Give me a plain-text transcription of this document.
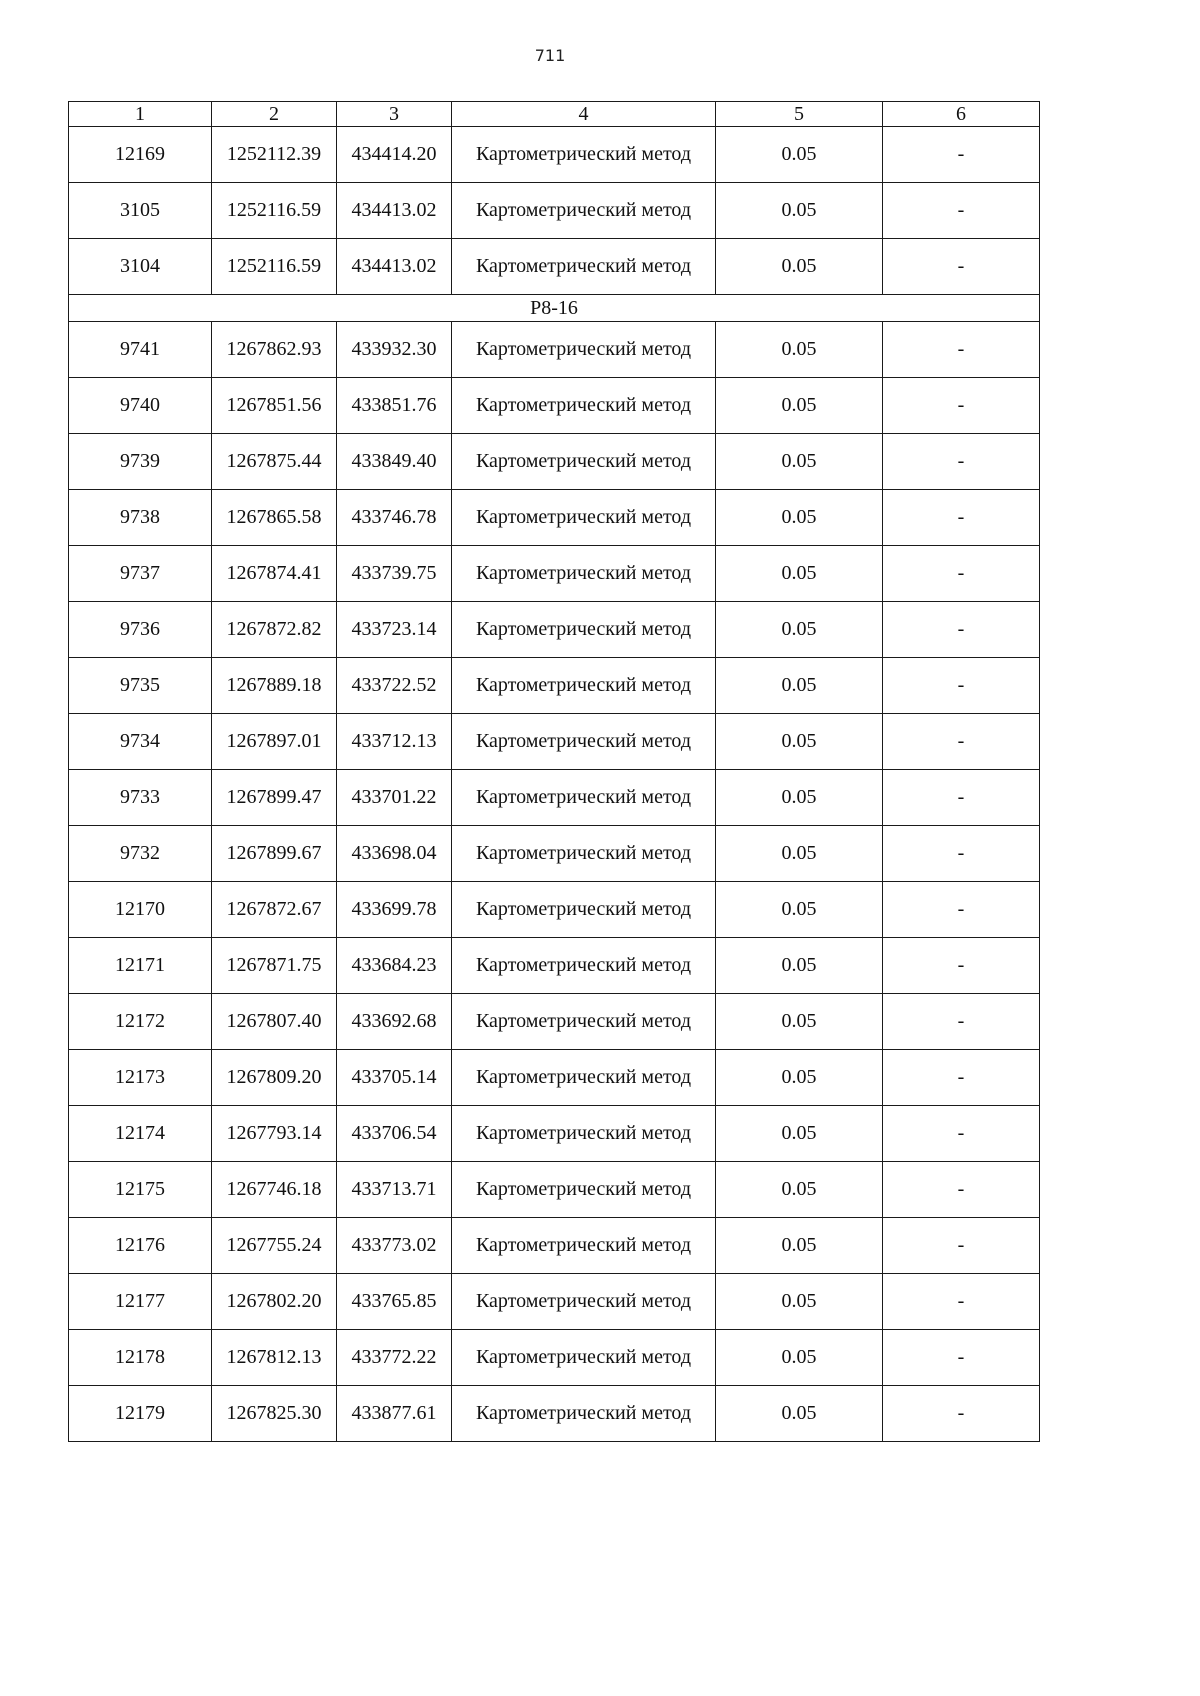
711
1	2	3	4	5	6
12169	1252112.39	434414.20	Картометрический метод	0.05	-
3105	1252116.59	434413.02	Картометрический метод	0.05	-
3104	1252116.59	434413.02	Картометрический метод	0.05	-
Р8-16					
9741	1267862.93	433932.30	Картометрический метод	0.05	-
9740	1267851.56	433851.76	Картометрический метод	0.05	-
9739	1267875.44	433849.40	Картометрический метод	0.05	-
9738	1267865.58	433746.78	Картометрический метод	0.05	-
9737	1267874.41	433739.75	Картометрический метод	0.05	-
9736	1267872.82	433723.14	Картометрический метод	0.05	-
9735	1267889.18	433722.52	Картометрический метод	0.05	-
9734	1267897.01	433712.13	Картометрический метод	0.05	-
9733	1267899.47	433701.22	Картометрический метод	0.05	-
9732	1267899.67	433698.04	Картометрический метод	0.05	-
12170	1267872.67	433699.78	Картометрический метод	0.05	-
12171	1267871.75	433684.23	Картометрический метод	0.05	-
12172	1267807.40	433692.68	Картометрический метод	0.05	-
12173	1267809.20	433705.14	Картометрический метод	0.05	-
12174	1267793.14	433706.54	Картометрический метод	0.05	-
12175	1267746.18	433713.71	Картометрический метод	0.05	-
12176	1267755.24	433773.02	Картометрический метод	0.05	-
12177	1267802.20	433765.85	Картометрический метод	0.05	-
12178	1267812.13	433772.22	Картометрический метод	0.05	-
12179	1267825.30	433877.61	Картометрический метод	0.05	-
